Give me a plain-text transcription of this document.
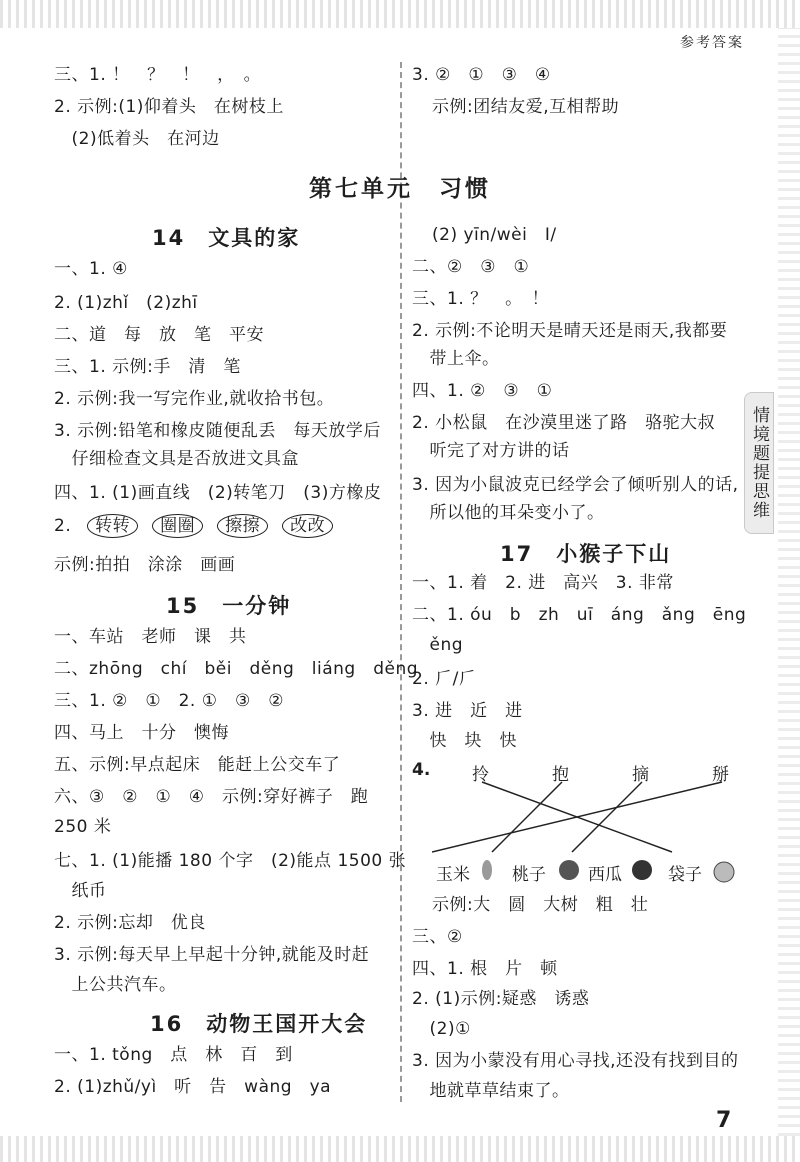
参考答案
第七单元　习惯
三、1. ！　？　！　，　。
2. 示例:(1)仰着头　在树枝上
　(2)低着头　在河边
14　文具的家
一、1. ④
2. (1)zhǐ　(2)zhī
二、道　每　放　笔　平安
三、1. 示例:手　清　笔
2. 示例:我一写完作业,就收拾书包。
3. 示例:铅笔和橡皮随便乱丢　每天放学后
　仔细检查文具是否放进文具盒
四、1. (1)画直线　(2)转笔刀　(3)方橡皮
2. 转转 圈圈 擦擦 改改
示例:拍拍　涂涂　画画
15　一分钟
一、车站　老师　课　共
二、zhōng　chí　běi　děng　liáng　děng
三、1. ②　①　2. ①　③　②
四、马上　十分　懊悔
五、示例:早点起床　能赶上公交车了
六、③　②　①　④　示例:穿好裤子　跑
250 米
七、1. (1)能播 180 个字　(2)能点 1500 张
　纸币
2. 示例:忘却　优良
3. 示例:每天早上早起十分钟,就能及时赶
　上公共汽车。
16　动物王国开大会
一、1. tǒng　点　林　百　到
2. (1)zhǔ/yì　听　告　wàng　ya
3. ②　①　③　④
示例:团结友爱,互相帮助
(2) yīn/wèi　I/
二、②　③　①
三、1. ？　。　！
2. 示例:不论明天是晴天还是雨天,我都要
　带上伞。
四、1. ②　③　①
2. 小松鼠　在沙漠里迷了路　骆驼大叔
　听完了对方讲的话
3. 因为小鼠波克已经学会了倾听别人的话,
　所以他的耳朵变小了。
17　小猴子下山
一、1. 着　2. 进　高兴　3. 非常
二、1. óu　b　zh　uī　áng　ǎng　ēng
　ěng
2. 𠂆/𠂆
3. 进　近　进
　快　块　快
4. 拎	抱	摘	掰
玉米 桃子 西瓜	袋子
示例:大　圆　大树　粗　壮
三、②
四、1. 根　片　顿
2. (1)示例:疑惑　诱惑
　(2)①
3. 因为小蒙没有用心寻找,还没有找到目的
　地就草草结束了。
情境题提思维
7
